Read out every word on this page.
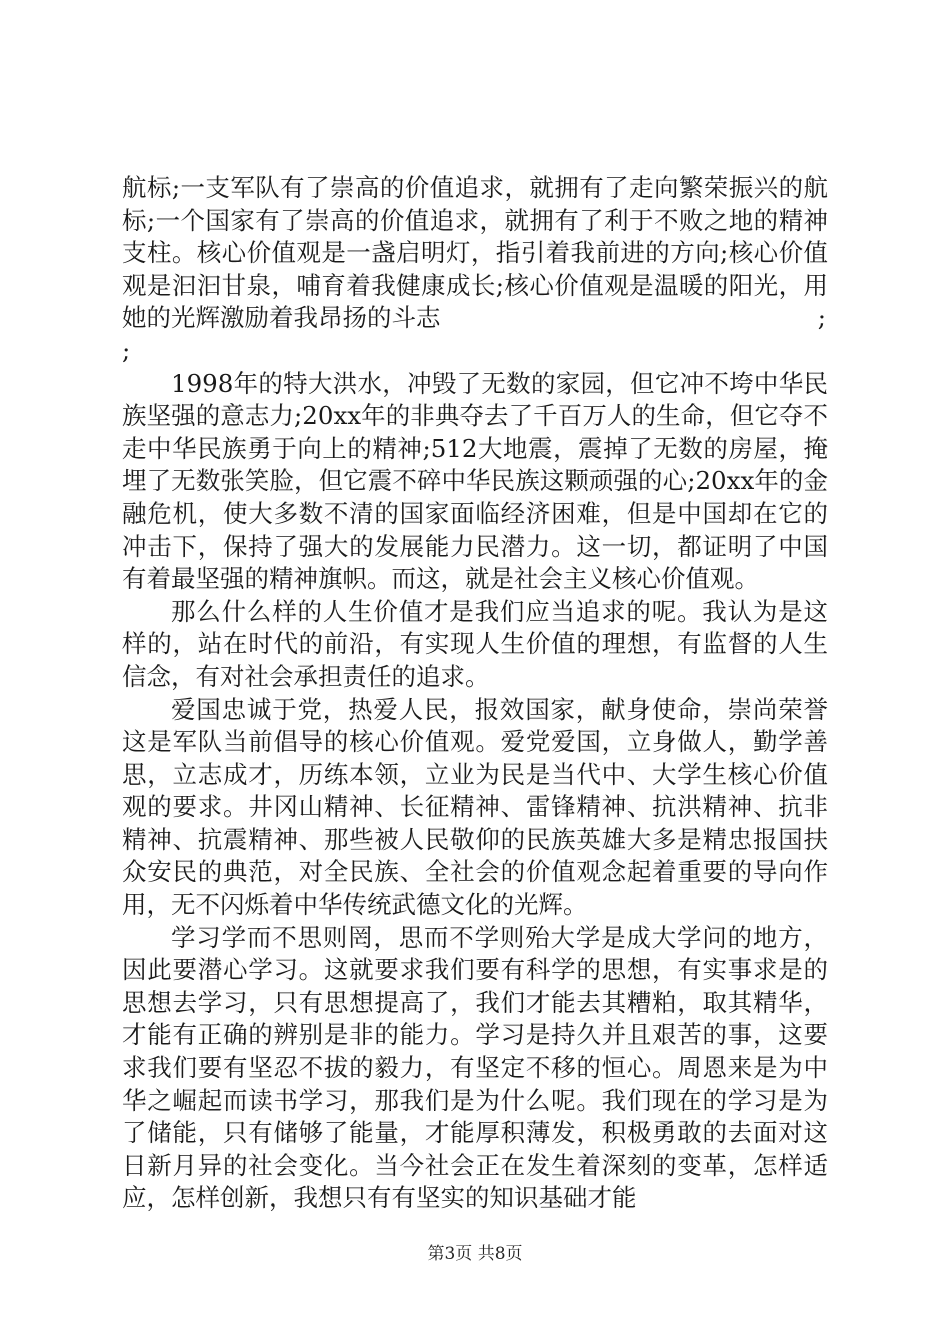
航标;一支军队有了崇高的价值追求，就拥有了走向繁荣振兴的航标;一个国家有了崇高的价值追求，就拥有了利于不败之地的精神支柱。核心价值观是一盏启明灯，指引着我前进的方向;核心价值观是汩汩甘泉，哺育着我健康成长;核心价值观是温暖的阳光，用她的光辉激励着我昂扬的斗志	;

;

1998年的特大洪水，冲毁了无数的家园，但它冲不垮中华民族坚强的意志力;20xx年的非典夺去了千百万人的生命，但它夺不走中华民族勇于向上的精神;512大地震，震掉了无数的房屋，掩埋了无数张笑脸，但它震不碎中华民族这颗顽强的心;20xx年的金融危机，使大多数不清的国家面临经济困难，但是中国却在它的冲击下，保持了强大的发展能力民潜力。这一切，都证明了中国有着最坚强的精神旗帜。而这，就是社会主义核心价值观。

那么什么样的人生价值才是我们应当追求的呢。我认为是这样的，站在时代的前沿，有实现人生价值的理想，有监督的人生信念，有对社会承担责任的追求。

爱国忠诚于党，热爱人民，报效国家，献身使命，崇尚荣誉这是军队当前倡导的核心价值观。爱党爱国，立身做人，勤学善思，立志成才，历练本领，立业为民是当代中、大学生核心价值观的要求。井冈山精神、长征精神、雷锋精神、抗洪精神、抗非精神、抗震精神、那些被人民敬仰的民族英雄大多是精忠报国扶众安民的典范，对全民族、全社会的价值观念起着重要的导向作用，无不闪烁着中华传统武德文化的光辉。

学习学而不思则罔，思而不学则殆大学是成大学问的地方，因此要潜心学习。这就要求我们要有科学的思想，有实事求是的思想去学习，只有思想提高了，我们才能去其糟粕，取其精华，才能有正确的辨别是非的能力。学习是持久并且艰苦的事，这要求我们要有坚忍不拔的毅力，有坚定不移的恒心。周恩来是为中华之崛起而读书学习，那我们是为什么呢。我们现在的学习是为了储能，只有储够了能量，才能厚积薄发，积极勇敢的去面对这日新月异的社会变化。当今社会正在发生着深刻的变革，怎样适应，怎样创新，我想只有有坚实的知识基础才能

第3页 共8页
